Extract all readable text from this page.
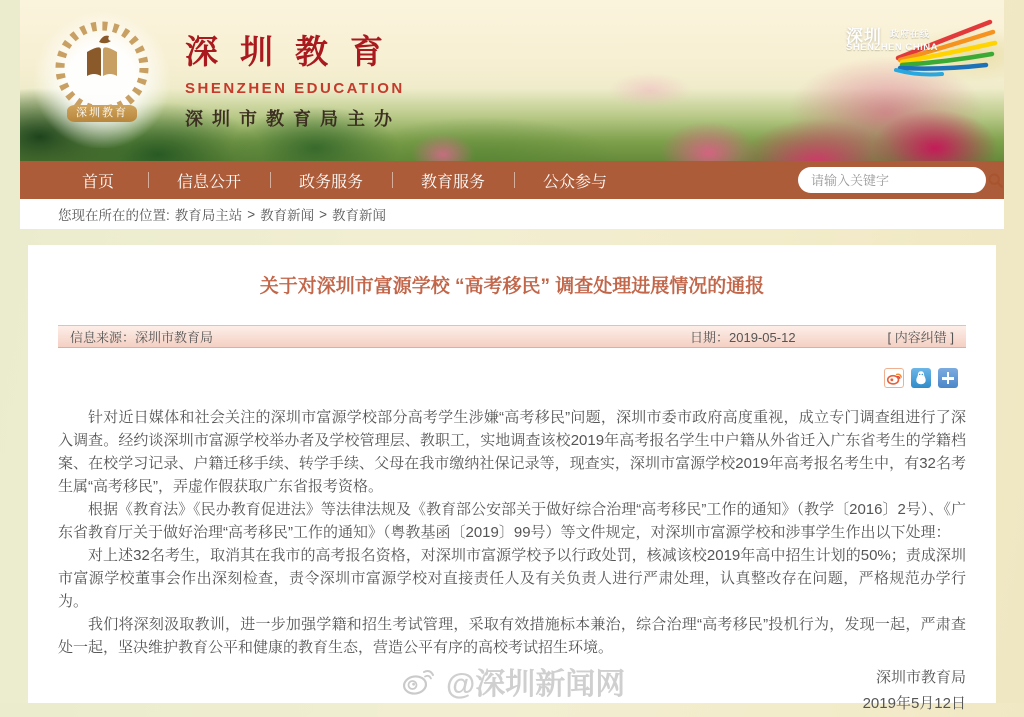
深圳教育
深圳教育
SHENZHEN EDUCATION
深圳市教育局主办
深圳 政府在线
SHENZHEN CHINA
首页	信息公开	政务服务	教育服务	公众参与
请输入关键字
您现在所在的位置: 教育局主站 > 教育新闻 > 教育新闻
关于对深圳市富源学校 “高考移民” 调查处理进展情况的通报
信息来源：深圳市教育局	日期：2019-05-12	[ 内容纠错 ]

针对近日媒体和社会关注的深圳市富源学校部分高考学生涉嫌“高考移民”问题，深圳市委市政府高度重视，成立专门调查组进行了深入调查。经约谈深圳市富源学校举办者及学校管理层、教职工，实地调查该校2019年高考报名学生中户籍从外省迁入广东省考生的学籍档案、在校学习记录、户籍迁移手续、转学手续、父母在我市缴纳社保记录等，现查实，深圳市富源学校2019年高考报名考生中，有32名考生属“高考移民”，弄虚作假获取广东省报考资格。

根据《教育法》《民办教育促进法》等法律法规及《教育部公安部关于做好综合治理“高考移民”工作的通知》（教学〔2016〕2号）、《广东省教育厅关于做好治理“高考移民”工作的通知》（粤教基函〔2019〕99号）等文件规定，对深圳市富源学校和涉事学生作出以下处理：

对上述32名考生，取消其在我市的高考报名资格，对深圳市富源学校予以行政处罚，核减该校2019年高中招生计划的50%；责成深圳市富源学校董事会作出深刻检查，责令深圳市富源学校对直接责任人及有关负责人进行严肃处理，认真整改存在问题，严格规范办学行为。

我们将深刻汲取教训，进一步加强学籍和招生考试管理，采取有效措施标本兼治，综合治理“高考移民”投机行为，发现一起，严肃查处一起，坚决维护教育公平和健康的教育生态，营造公平有序的高校考试招生环境。

深圳市教育局
2019年5月12日
@深圳新闻网
